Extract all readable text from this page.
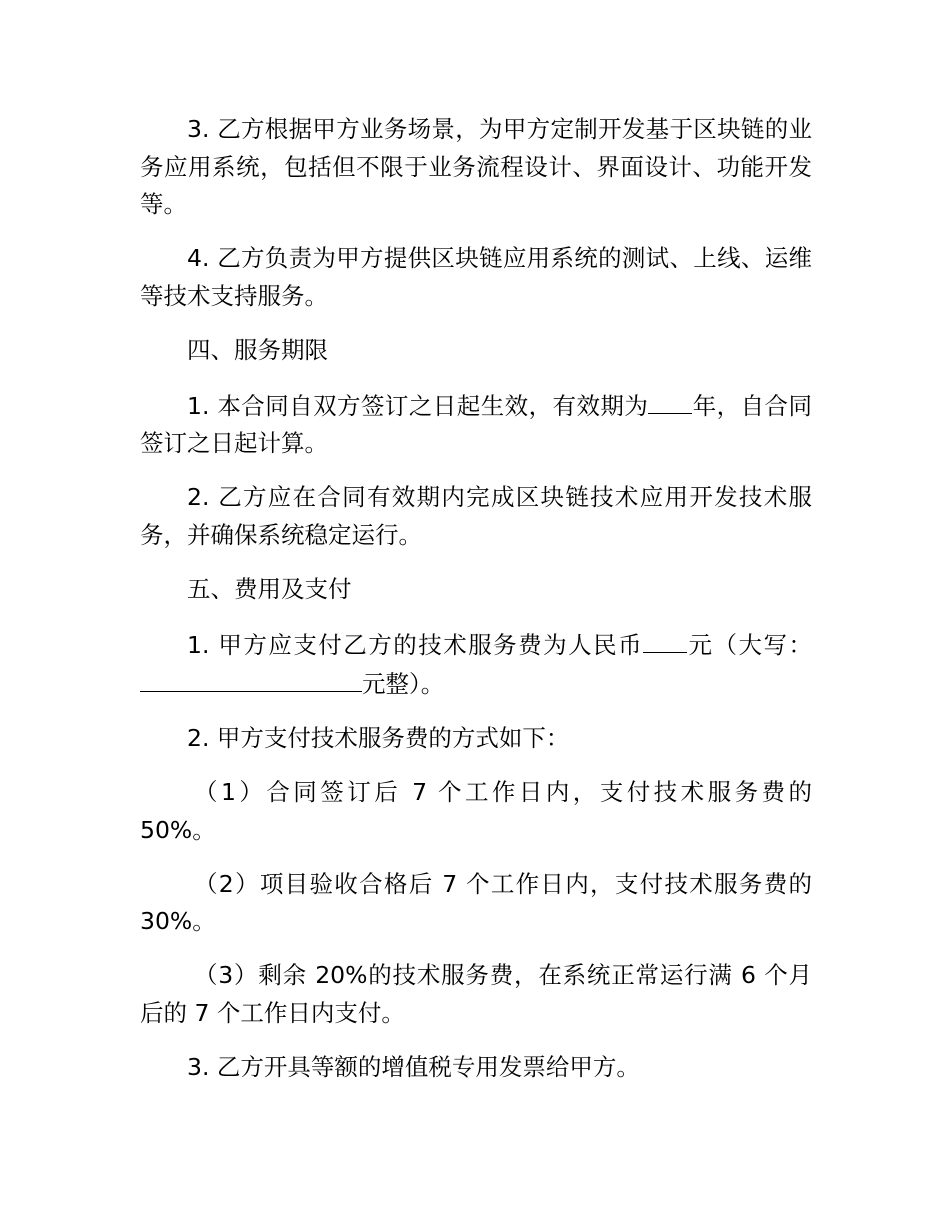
3. 乙方根据甲方业务场景，为甲方定制开发基于区块链的业务应用系统，包括但不限于业务流程设计、界面设计、功能开发等。

4. 乙方负责为甲方提供区块链应用系统的测试、上线、运维等技术支持服务。

四、服务期限

1. 本合同自双方签订之日起生效，有效期为 年，自合同签订之日起计算。

2. 乙方应在合同有效期内完成区块链技术应用开发技术服务，并确保系统稳定运行。

五、费用及支付

1. 甲方应支付乙方的技术服务费为人民币 元（大写：元整）。

2. 甲方支付技术服务费的方式如下：

（1）合同签订后 7 个工作日内，支付技术服务费的 50%。

（2）项目验收合格后 7 个工作日内，支付技术服务费的 30%。

（3）剩余 20%的技术服务费，在系统正常运行满 6 个月后的 7 个工作日内支付。

3. 乙方开具等额的增值税专用发票给甲方。
